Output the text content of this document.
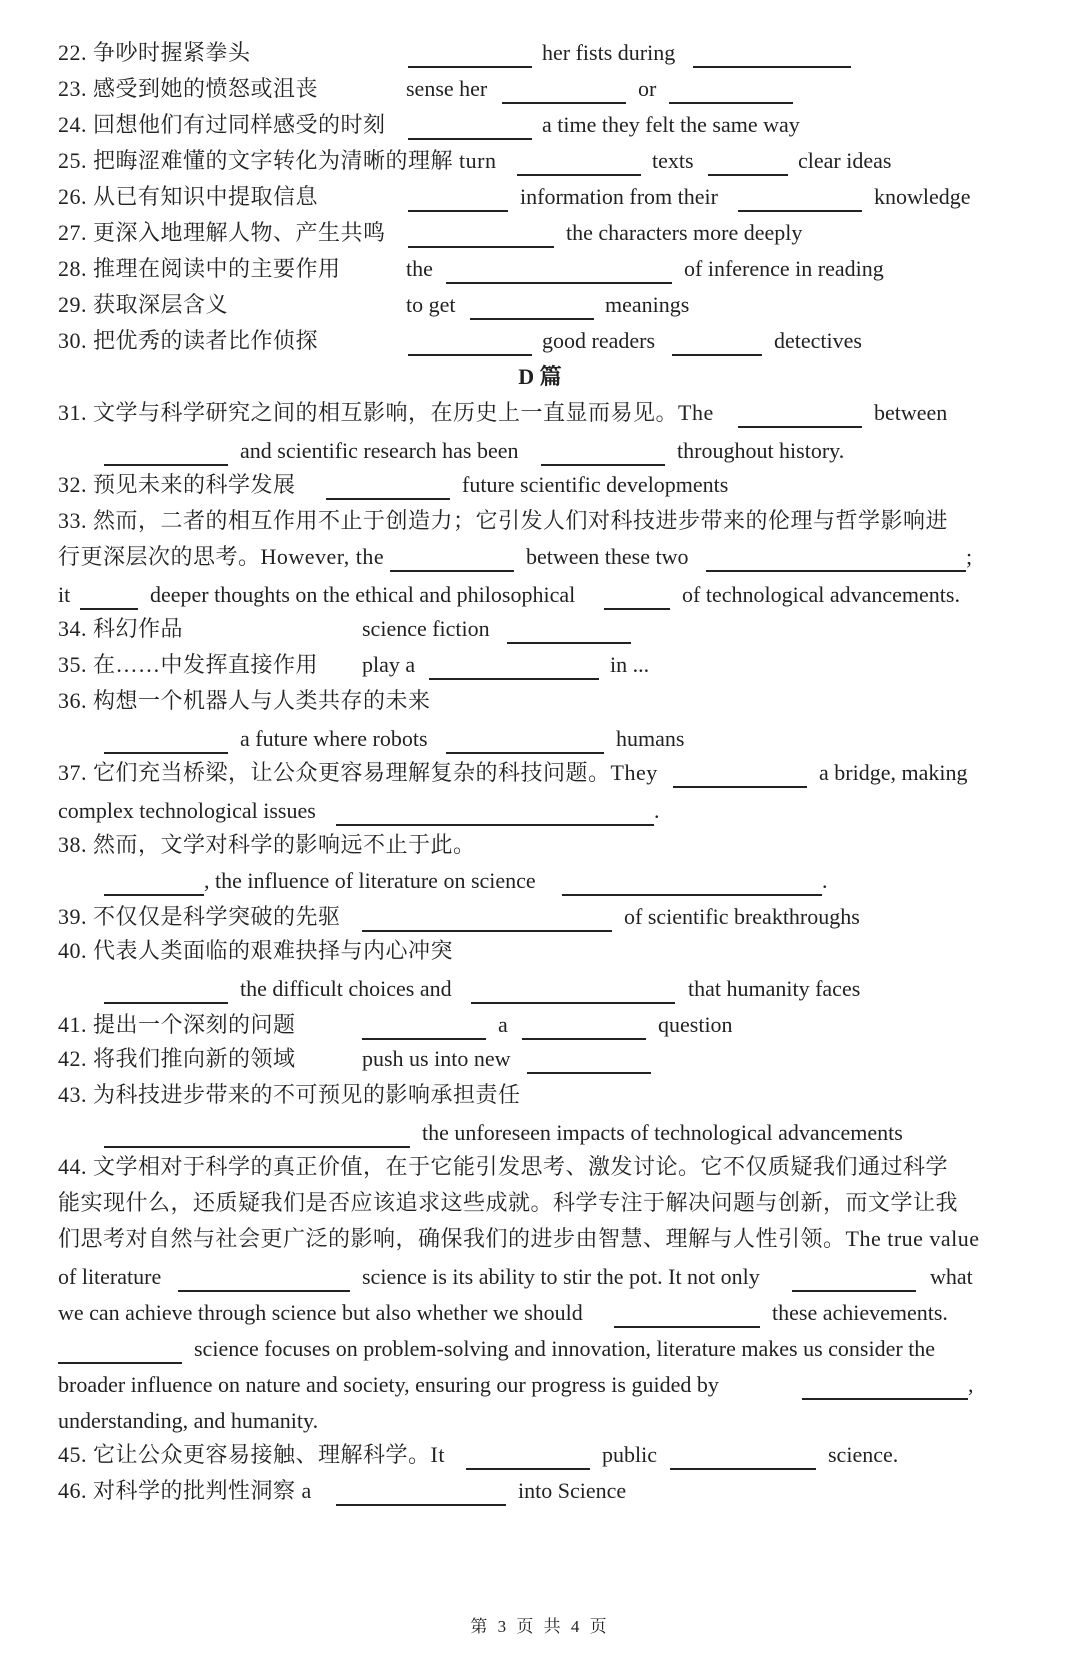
22. 争吵时握紧拳头	her fists during
23. 感受到她的愤怒或沮丧	sense her	or
24. 回想他们有过同样感受的时刻	a time they felt the same way
25. 把晦涩难懂的文字转化为清晰的理解 turn	texts	clear ideas
26. 从已有知识中提取信息	information from their	knowledge
27. 更深入地理解人物、产生共鸣	the characters more deeply
28. 推理在阅读中的主要作用	the	of inference in reading
29. 获取深层含义	to get	meanings
30. 把优秀的读者比作侦探	good readers	detectives
D 篇
31. 文学与科学研究之间的相互影响，在历史上一直显而易见。The	between
and scientific research has been	throughout history.
32. 预见未来的科学发展	future scientific developments
33. 然而，二者的相互作用不止于创造力；它引发人们对科技进步带来的伦理与哲学影响进
行更深层次的思考。However, the	between these two	;
it	deeper thoughts on the ethical and philosophical	of technological advancements.
34. 科幻作品	science fiction
35. 在……中发挥直接作用 play a	in ...
36. 构想一个机器人与人类共存的未来
a future where robots	humans
37. 它们充当桥梁，让公众更容易理解复杂的科技问题。They	a bridge, making
complex technological issues	.
38. 然而，文学对科学的影响远不止于此。
, the influence of literature on science	.
39. 不仅仅是科学突破的先驱	of scientific breakthroughs
40. 代表人类面临的艰难抉择与内心冲突
the difficult choices and	that humanity faces
41. 提出一个深刻的问题	a	question
42. 将我们推向新的领域	push us into new
43. 为科技进步带来的不可预见的影响承担责任
the unforeseen impacts of technological advancements
44. 文学相对于科学的真正价值，在于它能引发思考、激发讨论。它不仅质疑我们通过科学
能实现什么，还质疑我们是否应该追求这些成就。科学专注于解决问题与创新，而文学让我
们思考对自然与社会更广泛的影响，确保我们的进步由智慧、理解与人性引领。The true value
of literature	science is its ability to stir the pot. It not only	what
we can achieve through science but also whether we should	these achievements.
science focuses on problem-solving and innovation, literature makes us consider the
broader influence on nature and society, ensuring our progress is guided by	,
understanding, and humanity.
45. 它让公众更容易接触、理解科学。It	public	science.
46. 对科学的批判性洞察 a	into Science
第 3 页 共 4 页
